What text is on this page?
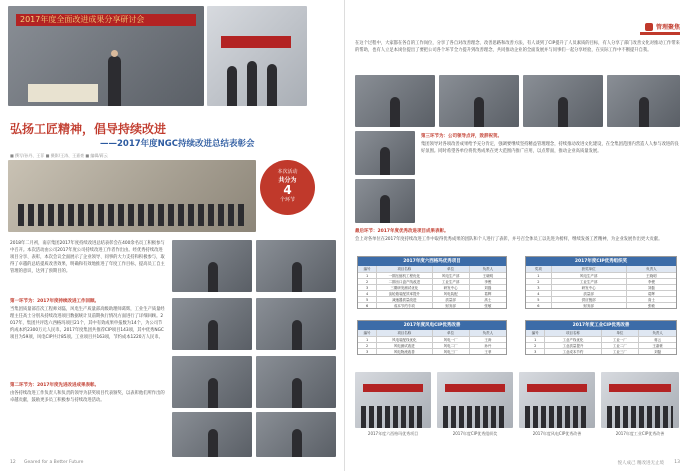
2017年度全面改进成果分享研讨会
弘扬工匠精神，倡导持续改进
——2017年度NGC持续改进总结表彰会
■ 撰写/孙丹、王菲 ■ 摄影/王涛、王嘉豪 ■ 编辑/蒋云
本次活动
共分为
4
个环节
2018年二月初，南京集团2017年度持续改进总结表彰会在400余名员工积极参与中召开。本次活动由公司2017年度公司持续改进工作者作出由。经优秀持续改进项目分享、表彰，本次会议全面展示了企业领导、同事的大力支持和积极参与，取得了卓越的总结提质改善效果，明确和有效地推进了年度工作目标，提高员工自主管理的意识，达到了预期目的。
第一环节为：2017年度持续改进工作回顾。
当集团质量部首次工程师刘磊，风电生产质量部高级助理师葛辉，工业生产质量经理主任高士分别从持续改进项目数据统计及前期执行情况方面进行了详细回顾。2017年，集团共评选六西格玛项目21个，其中有效成果申报数为14个，为公司节约成本约2300万元人民币。2017年度集团共推荐CIP项目143项，其中优秀NGC项目为59项，风电CIP共计85项。工业项目共163项，节约成本1220万人民币。
第二环节为：2017年度先进改进成果表彰。
由各持续改进工作负责人和负责的领导为获奖项目代表颁奖，以表彰他们所作出的卓越贡献，鼓励更多员工积极参与持续改进活动。
12 Geared for a Better Future
管理聚焦
在这个过程中，大家都在各自的工作岗位，分享了各自对改善理念、改善思路和改善方法，有人谈到了CIP提升了人员素质的目标，有人分享了部门改善文化对推动工作带来的帮助，也有人立足本岗位提出了要把公司各个环节全力提升到改善理念，共同推动企业的全面发展并与同事们一起分享经验，在实际工作中不断提升自我。
第三环节为：公司领导点评，致辞祝贺。
集团领导对各项改善成果给予充分肯定，强调要继续坚持精益管理理念，持续推动改进文化建设，在全集团范围内营造人人参与改进的良好氛围。同时希望各单位将优秀成果在更大范围内推广应用，以点带面，推动企业高质量发展。
最后环节：2017年度优秀改进项目成果表彰。
会上对各单位在2017年度持续改进工作中取得优秀成果的团队和个人进行了表彰，并号召全体员工以先进为榜样，继续发扬工匠精神，为企业发展作出更大贡献。
2017年度六西格玛优秀项目
编号	项目名称	单位	负责人
1	一期压缩机工程优化	风电生产部	王晓明
2	二期出口盘产线改进	工业生产部	李俊
3	三期研发测试优化	研发中心	刘磊
4	齿轮箱装配效率提升	风电装配	葛辉
5	减速器质量改进	质量部	高士
6	成本节约专项	财务部	张敏
2017年度CIP优秀组织奖
奖项	获奖单位	负责人
1	风电生产部	王晓明
2	工业生产部	李俊
3	研发中心	刘磊
4	质量部	葛辉
5	供应链部	高士
6	财务部	张敏
2017年度风电CIP优秀改善
编号	项目名称	单位	负责人
1	风电装配线优化	风电一厂	王涛
2	风电测试改进	风电二厂	孙丹
3	风电物流改善	风电三厂	王菲
2017年度工业CIP优秀改善
编号	项目名称	单位	负责人
1	工业产线优化	工业一厂	蒋云
2	工业质量提升	工业二厂	王嘉豪
3	工业成本节约	工业三厂	刘磊
2017年度六西格玛优秀项目	2017年度CIP优秀组织奖	2017年度风电CIP优秀改善	2017年度工业CIP优秀改善
悦人成己 精改进无止境 13
